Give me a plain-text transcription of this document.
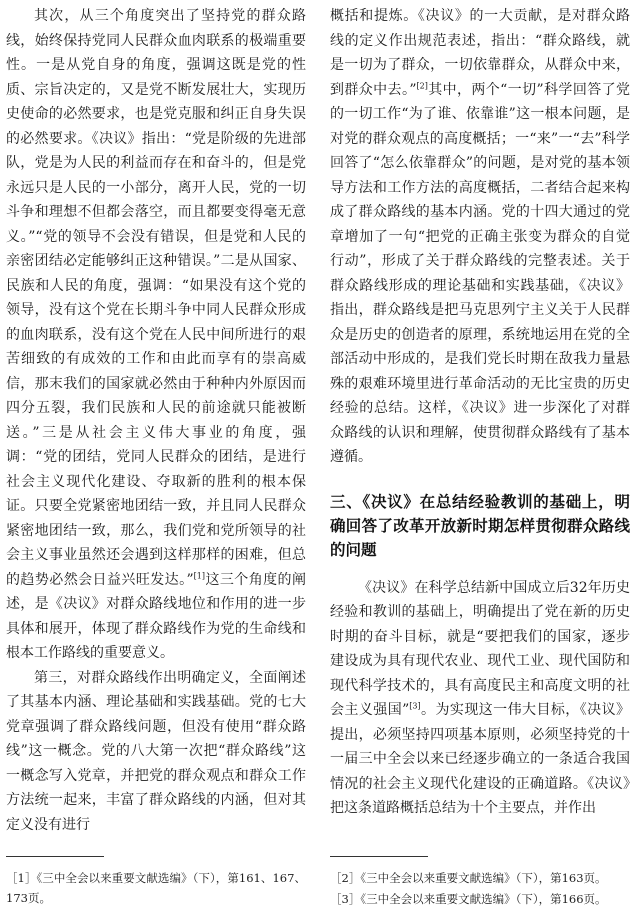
其次，从三个角度突出了坚持党的群众路线，始终保持党同人民群众血肉联系的极端重要性。一是从党自身的角度，强调这既是党的性质、宗旨决定的，又是党不断发展壮大，实现历史使命的必然要求，也是党克服和纠正自身失误的必然要求。《决议》指出：“党是阶级的先进部队，党是为人民的利益而存在和奋斗的，但是党永远只是人民的一小部分，离开人民，党的一切斗争和理想不但都会落空，而且都要变得毫无意义。”“党的领导不会没有错误，但是党和人民的亲密团结必定能够纠正这种错误。”二是从国家、民族和人民的角度，强调：“如果没有这个党的领导，没有这个党在长期斗争中同人民群众形成的血肉联系，没有这个党在人民中间所进行的艰苦细致的有成效的工作和由此而享有的崇高威信，那末我们的国家就必然由于种种内外原因而四分五裂，我们民族和人民的前途就只能被断送。”三是从社会主义伟大事业的角度，强调：“党的团结，党同人民群众的团结，是进行社会主义现代化建设、夺取新的胜利的根本保证。只要全党紧密地团结一致，并且同人民群众紧密地团结一致，那么，我们党和党所领导的社会主义事业虽然还会遇到这样那样的困难，但总的趋势必然会日益兴旺发达。”[1]这三个角度的阐述，是《决议》对群众路线地位和作用的进一步具体和展开，体现了群众路线作为党的生命线和根本工作路线的重要意义。

第三，对群众路线作出明确定义，全面阐述了其基本内涵、理论基础和实践基础。党的七大党章强调了群众路线问题，但没有使用“群众路线”这一概念。党的八大第一次把“群众路线”这一概念写入党章，并把党的群众观点和群众工作方法统一起来，丰富了群众路线的内涵，但对其定义没有进行

概括和提炼。《决议》的一大贡献，是对群众路线的定义作出规范表述，指出：“群众路线，就是一切为了群众，一切依靠群众，从群众中来，到群众中去。”[2]其中，两个“一切”科学回答了党的一切工作“为了谁、依靠谁”这一根本问题，是对党的群众观点的高度概括；一“来”一“去”科学回答了“怎么依靠群众”的问题，是对党的基本领导方法和工作方法的高度概括，二者结合起来构成了群众路线的基本内涵。党的十四大通过的党章增加了一句“把党的正确主张变为群众的自觉行动”，形成了关于群众路线的完整表述。关于群众路线形成的理论基础和实践基础，《决议》指出，群众路线是把马克思列宁主义关于人民群众是历史的创造者的原理，系统地运用在党的全部活动中形成的，是我们党长时期在敌我力量悬殊的艰难环境里进行革命活动的无比宝贵的历史经验的总结。这样，《决议》进一步深化了对群众路线的认识和理解，使贯彻群众路线有了基本遵循。

三、《决议》在总结经验教训的基础上，明确回答了改革开放新时期怎样贯彻群众路线的问题

《决议》在科学总结新中国成立后32年历史经验和教训的基础上，明确提出了党在新的历史时期的奋斗目标，就是“要把我们的国家，逐步建设成为具有现代农业、现代工业、现代国防和现代科学技术的，具有高度民主和高度文明的社会主义强国”[3]。为实现这一伟大目标，《决议》提出，必须坚持四项基本原则，必须坚持党的十一届三中全会以来已经逐步确立的一条适合我国情况的社会主义现代化建设的正确道路。《决议》把这条道路概括总结为十个主要点，并作出

［1］《三中全会以来重要文献选编》（下），第161、167、173页。
［2］《三中全会以来重要文献选编》（下），第163页。
［3］《三中全会以来重要文献选编》（下），第166页。
